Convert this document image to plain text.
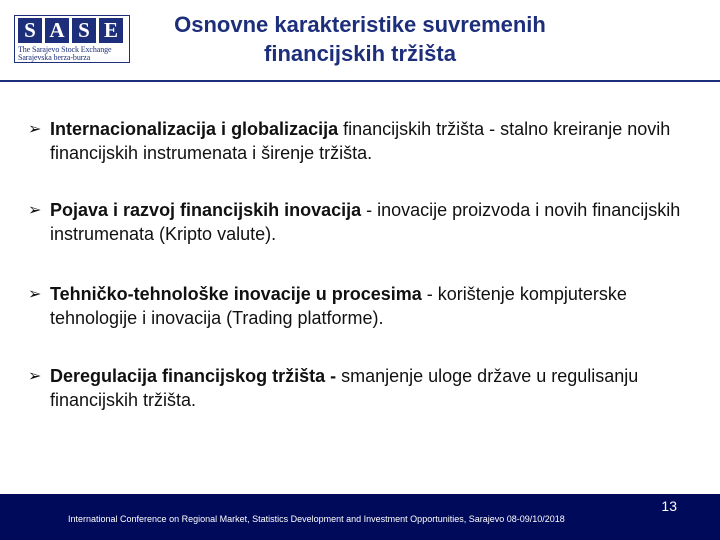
S A S E
The Sarajevo Stock Exchange
Sarajevska berza-burza
Osnovne karakteristike suvremenih
financijskih tržišta
➢ Internacionalizacija i globalizacija financijskih tržišta - stalno kreiranje novih financijskih instrumenata i širenje tržišta.
➢ Pojava i razvoj financijskih inovacija - inovacije proizvoda i novih financijskih instrumenata (Kripto valute).
➢ Tehničko-tehnološke inovacije u procesima - korištenje kompjuterske tehnologije i inovacija (Trading platforme).
➢ Deregulacija financijskog tržišta - smanjenje uloge države u regulisanju financijskih tržišta.
13
International Conference on Regional Market, Statistics Development and Investment Opportunities, Sarajevo 08-09/10/2018
